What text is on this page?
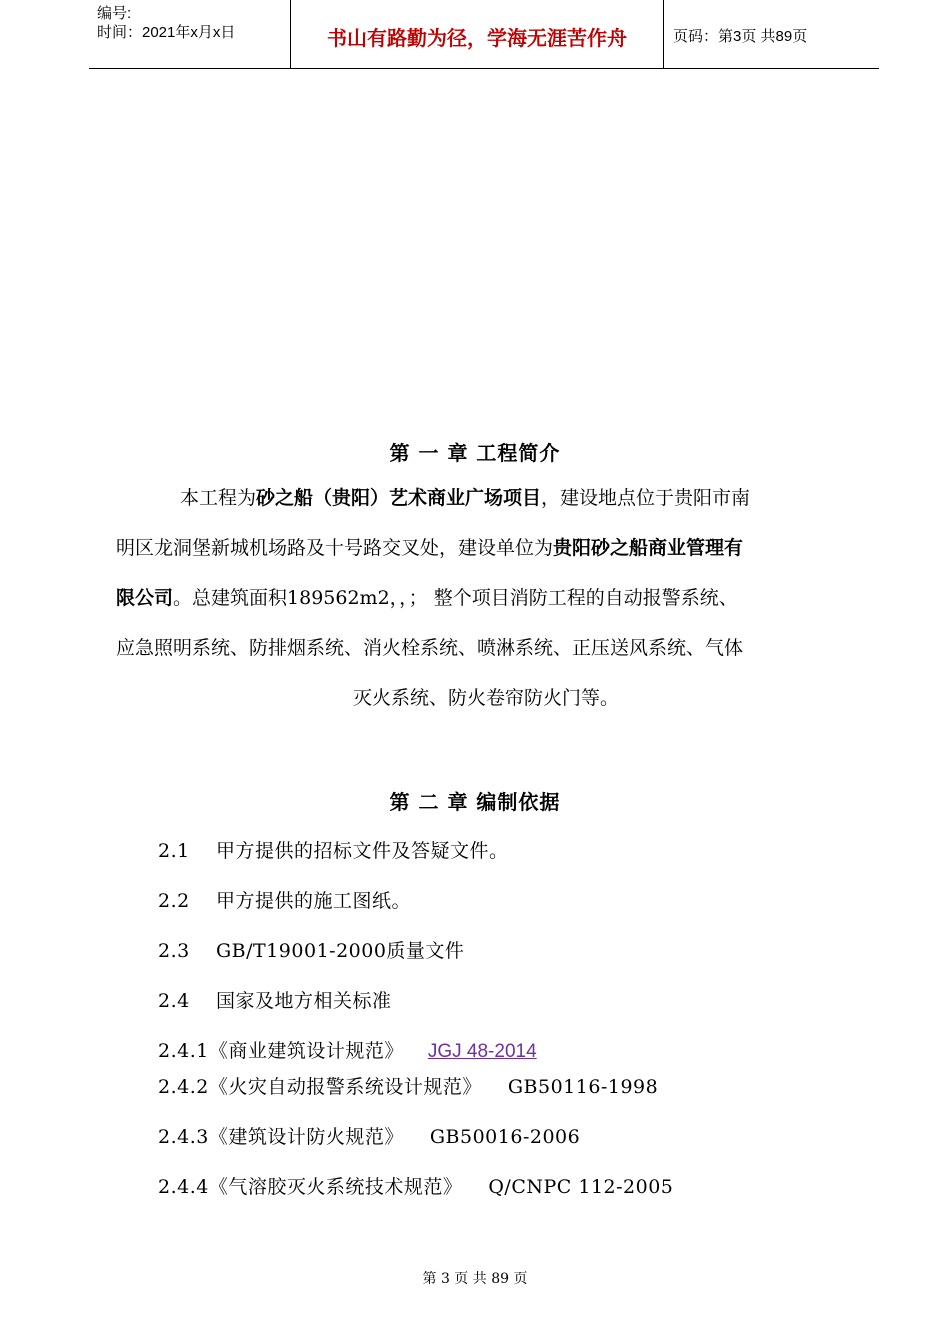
编号:
时间：2021年x月x日	书山有路勤为径，学海无涯苦作舟	页码：第3页 共89页
第 一 章 工程简介
本工程为砂之船（贵阳）艺术商业广场项目，建设地点位于贵阳市南
明区龙洞堡新城机场路及十号路交叉处，建设单位为贵阳砂之船商业管理有
限公司。总建筑面积189562m2，，； 整个项目消防工程的自动报警系统、
应急照明系统、防排烟系统、消火栓系统、喷淋系统、正压送风系统、气体
灭火系统、防火卷帘防火门等。
第 二 章 编制依据
2.1 甲方提供的招标文件及答疑文件。
2.2 甲方提供的施工图纸。
2.3 GB/T19001-2000质量文件
2.4 国家及地方相关标准
2.4.1《商业建筑设计规范》 JGJ 48-2014
2.4.2《火灾自动报警系统设计规范》 GB50116-1998
2.4.3《建筑设计防火规范》 GB50016-2006
2.4.4《气溶胶灭火系统技术规范》 Q/CNPC 112-2005
第 3 页 共 89 页
